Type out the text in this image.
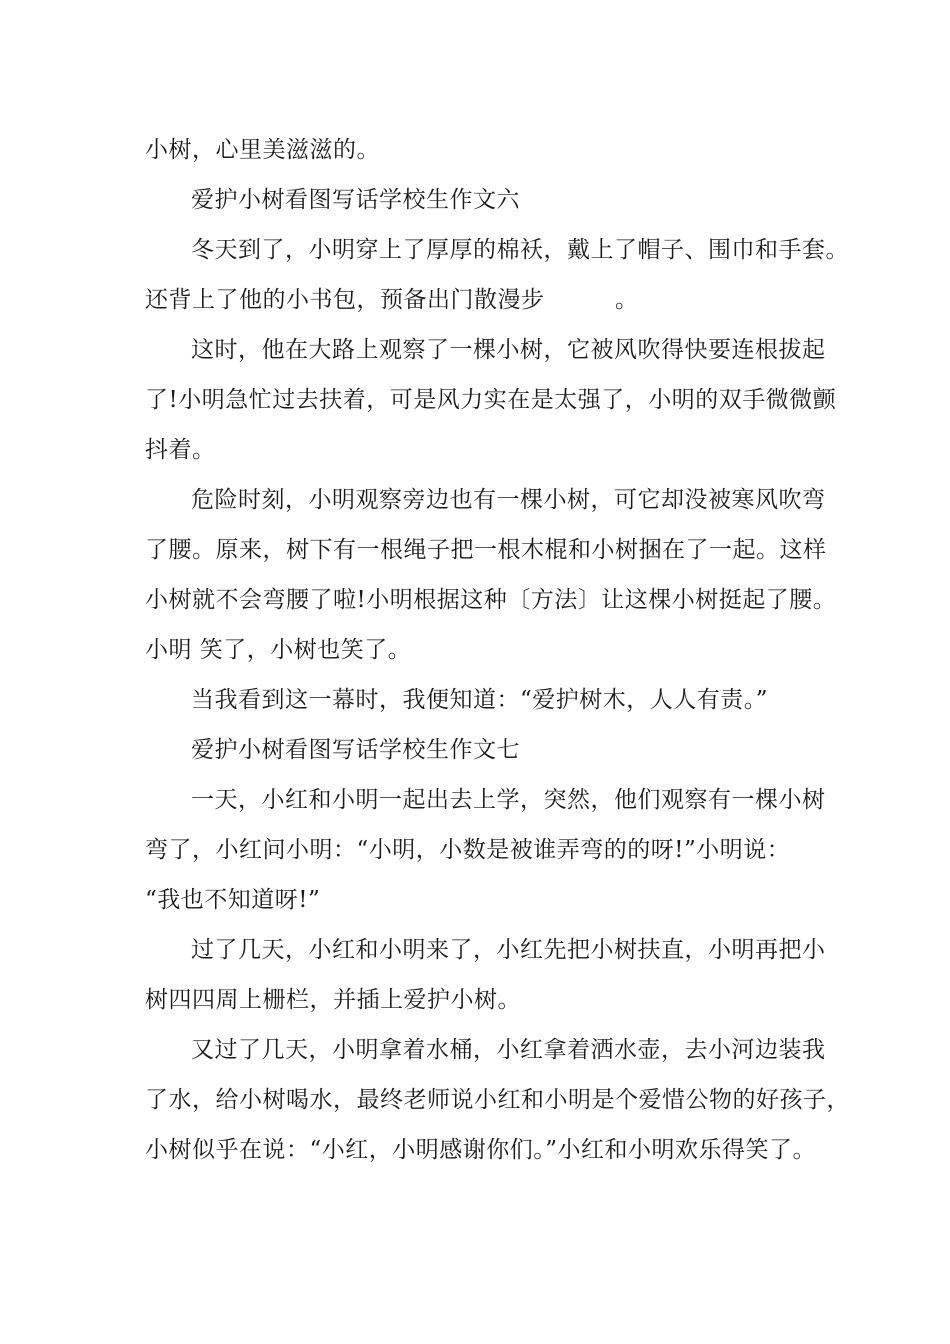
小树，心里美滋滋的。
爱护小树看图写话学校生作文六
冬天到了，小明穿上了厚厚的棉袄，戴上了帽子、围巾和手套。
还背上了他的小书包，预备出门散漫步　　　。
这时，他在大路上观察了一棵小树，它被风吹得快要连根拔起
了!小明急忙过去扶着，可是风力实在是太强了，小明的双手微微颤
抖着。
危险时刻，小明观察旁边也有一棵小树，可它却没被寒风吹弯
了腰。原来，树下有一根绳子把一根木棍和小树捆在了一起。这样
小树就不会弯腰了啦!小明根据这种〔方法〕让这棵小树挺起了腰。
小明 笑了，小树也笑了。
当我看到这一幕时，我便知道：“爱护树木，人人有责。”
爱护小树看图写话学校生作文七
一天，小红和小明一起出去上学，突然，他们观察有一棵小树
弯了，小红问小明：“小明，小数是被谁弄弯的的呀!”小明说：
“我也不知道呀!”
过了几天，小红和小明来了，小红先把小树扶直，小明再把小
树四四周上栅栏，并插上爱护小树。
又过了几天，小明拿着水桶，小红拿着洒水壶，去小河边装我
了水，给小树喝水，最终老师说小红和小明是个爱惜公物的好孩子，
小树似乎在说：“小红，小明感谢你们。”小红和小明欢乐得笑了。
